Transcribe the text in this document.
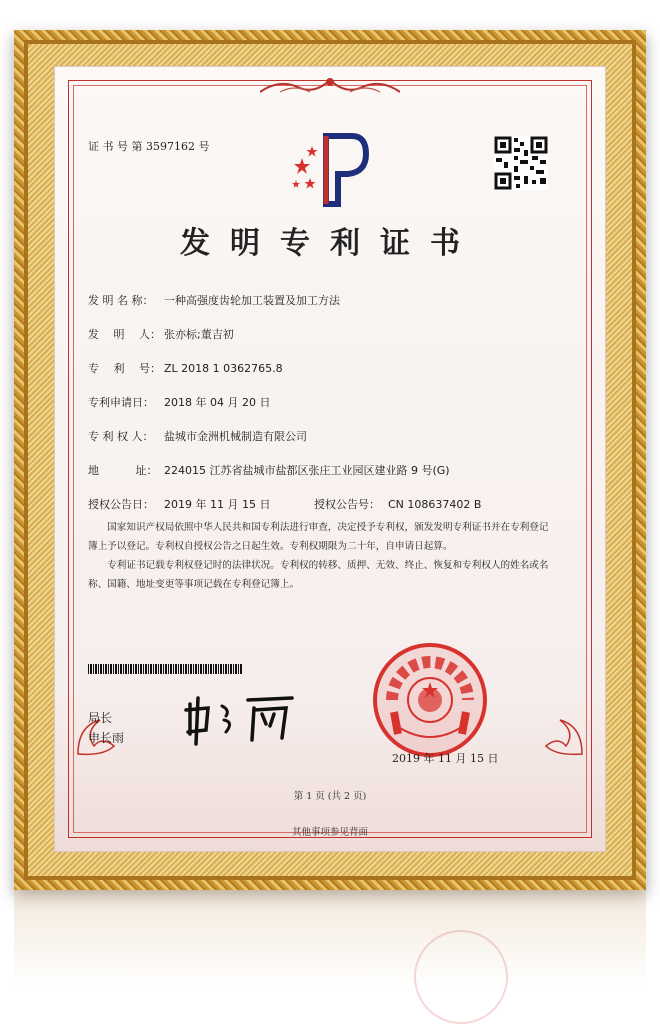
证 书 号 第 3597162 号
发明专利证书
发 明 名 称： 一种高强度齿轮加工装置及加工方法
发　 明　 人： 张亦标;董吉初
专　 利　 号： ZL 2018 1 0362765.8
专利申请日： 2018 年 04 月 20 日
专 利 权 人： 盐城市金洲机械制造有限公司
地　　　 址： 224015 江苏省盐城市盐都区张庄工业园区建业路 9 号(G)
授权公告日： 2019 年 11 月 15 日	授权公告号： CN 108637402 B

国家知识产权局依照中华人民共和国专利法进行审查，决定授予专利权，颁发发明专利证书并在专利登记簿上予以登记。专利权自授权公告之日起生效。专利权期限为二十年，自申请日起算。

专利证书记载专利权登记时的法律状况。专利权的转移、质押、无效、终止、恢复和专利权人的姓名或名称、国籍、地址变更等事项记载在专利登记簿上。

局长
申长雨
2019 年 11 月 15 日
第 1 页 (共 2 页)
其他事项参见背面
